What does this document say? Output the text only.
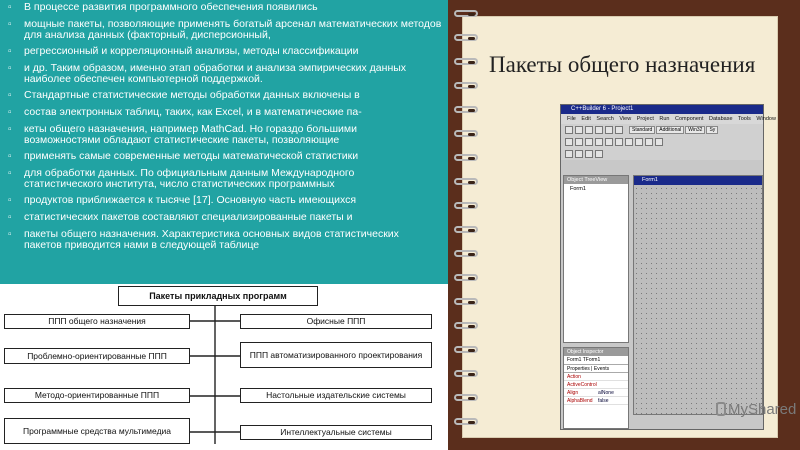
▫ В процессе развития программного обеспечения появились
▫ мощные пакеты, позволяющие применять богатый арсенал математических методов для анализа данных (факторный, дисперсионный,
▫ регрессионный и корреляционный анализы, методы классификации
▫ и др. Таким образом, именно этап обработки и анализа эмпирических данных наиболее обеспечен компьютерной поддержкой.
▫ Стандартные статистические методы обработки данных включены в
▫ состав электронных таблиц, таких, как Excel, и в математические па-
▫ кеты общего назначения, например MathCad. Но гораздо большими возможностями обладают статистические пакеты, позволяющие
▫ применять самые современные методы математической статистики
▫ для обработки данных. По официальным данным Международного статистического института, число статистических программных
▫ продуктов приближается к тысяче [17]. Основную часть имеющихся
▫ статистических пакетов составляют специализированные пакеты и
▫ пакеты общего назначения. Характеристика основных видов статистических пакетов приводится нами в следующей таблице
Пакеты прикладных программ
ППП общего назначения
Проблемно-ориентированные ППП
Методо-ориентированные ППП
Программные средства мультимедиа
Офисные ППП
ППП автоматизированного проектирования
Настольные издательские системы
Интеллектуальные системы
Пакеты общего назначения
C++Builder 6 - Project1
File Edit Search View Project Run Component Database Tools Window
Standard	Additional	Win32	Sy
Object TreeView
Form1
Form1
Object Inspector
Form1 TForm1
Properties | Events
Action
ActiveControl
Align	alNone
AlphaBlend	false	MyShared
